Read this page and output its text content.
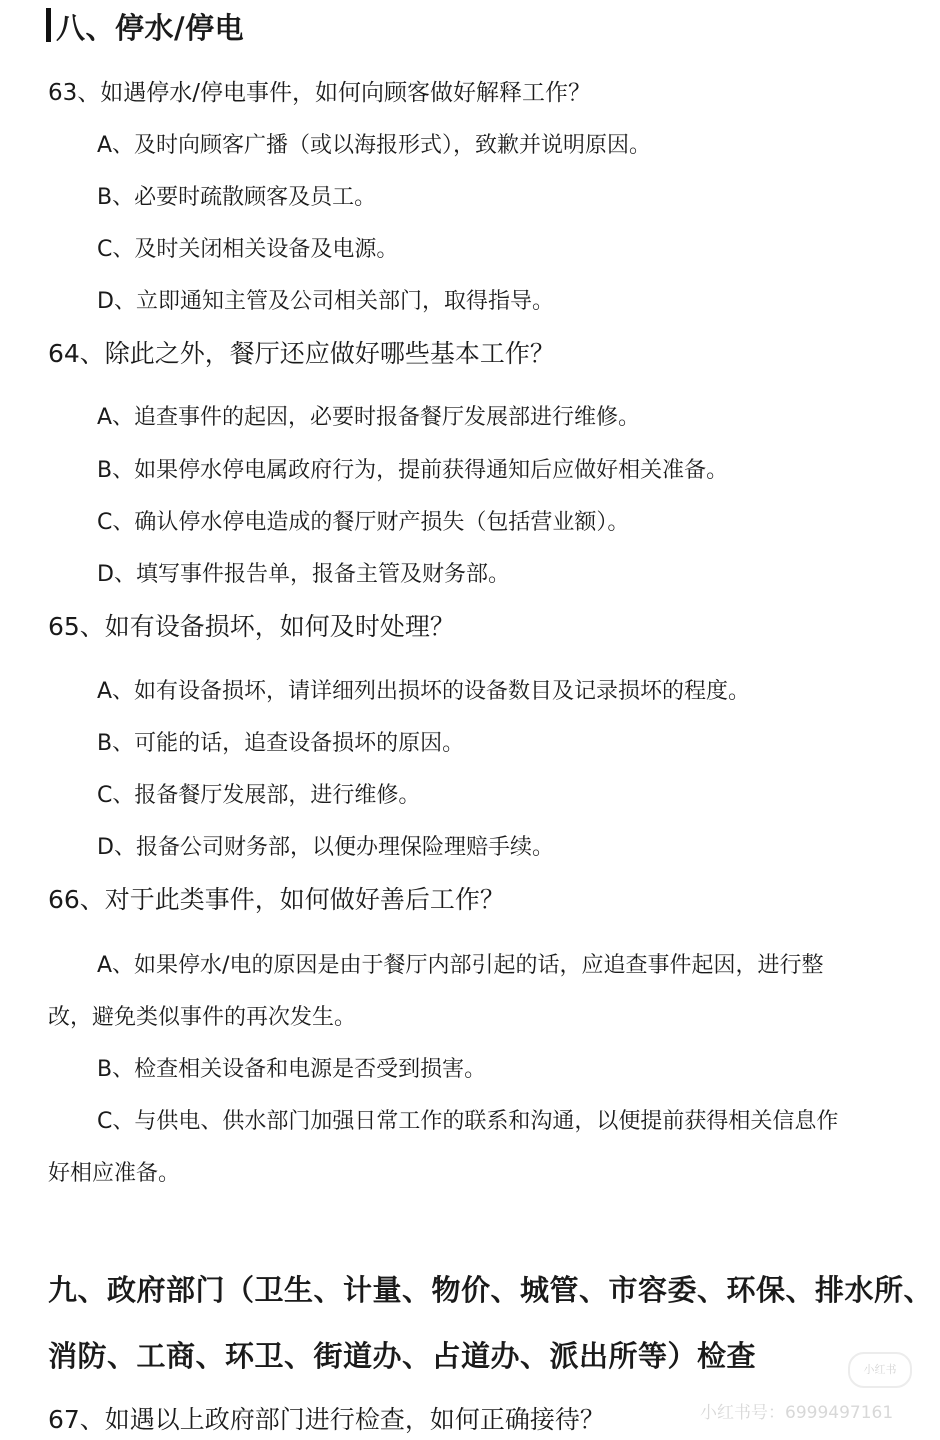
八、停水/停电
63、如遇停水/停电事件，如何向顾客做好解释工作？
A、及时向顾客广播（或以海报形式），致歉并说明原因。
B、必要时疏散顾客及员工。
C、及时关闭相关设备及电源。
D、立即通知主管及公司相关部门，取得指导。
64、除此之外，餐厅还应做好哪些基本工作？
A、追查事件的起因，必要时报备餐厅发展部进行维修。
B、如果停水停电属政府行为，提前获得通知后应做好相关准备。
C、确认停水停电造成的餐厅财产损失（包括营业额）。
D、填写事件报告单，报备主管及财务部。
65、如有设备损坏，如何及时处理？
A、如有设备损坏，请详细列出损坏的设备数目及记录损坏的程度。
B、可能的话，追查设备损坏的原因。
C、报备餐厅发展部，进行维修。
D、报备公司财务部，以便办理保险理赔手续。
66、对于此类事件，如何做好善后工作？
A、如果停水/电的原因是由于餐厅内部引起的话，应追查事件起因，进行整
改，避免类似事件的再次发生。
B、检查相关设备和电源是否受到损害。
C、与供电、供水部门加强日常工作的联系和沟通，以便提前获得相关信息作
好相应准备。
九、政府部门（卫生、计量、物价、城管、市容委、环保、排水所、
消防、工商、环卫、街道办、占道办、派出所等）检查
67、如遇以上政府部门进行检查，如何正确接待？
小红书
小红书号：6999497161
